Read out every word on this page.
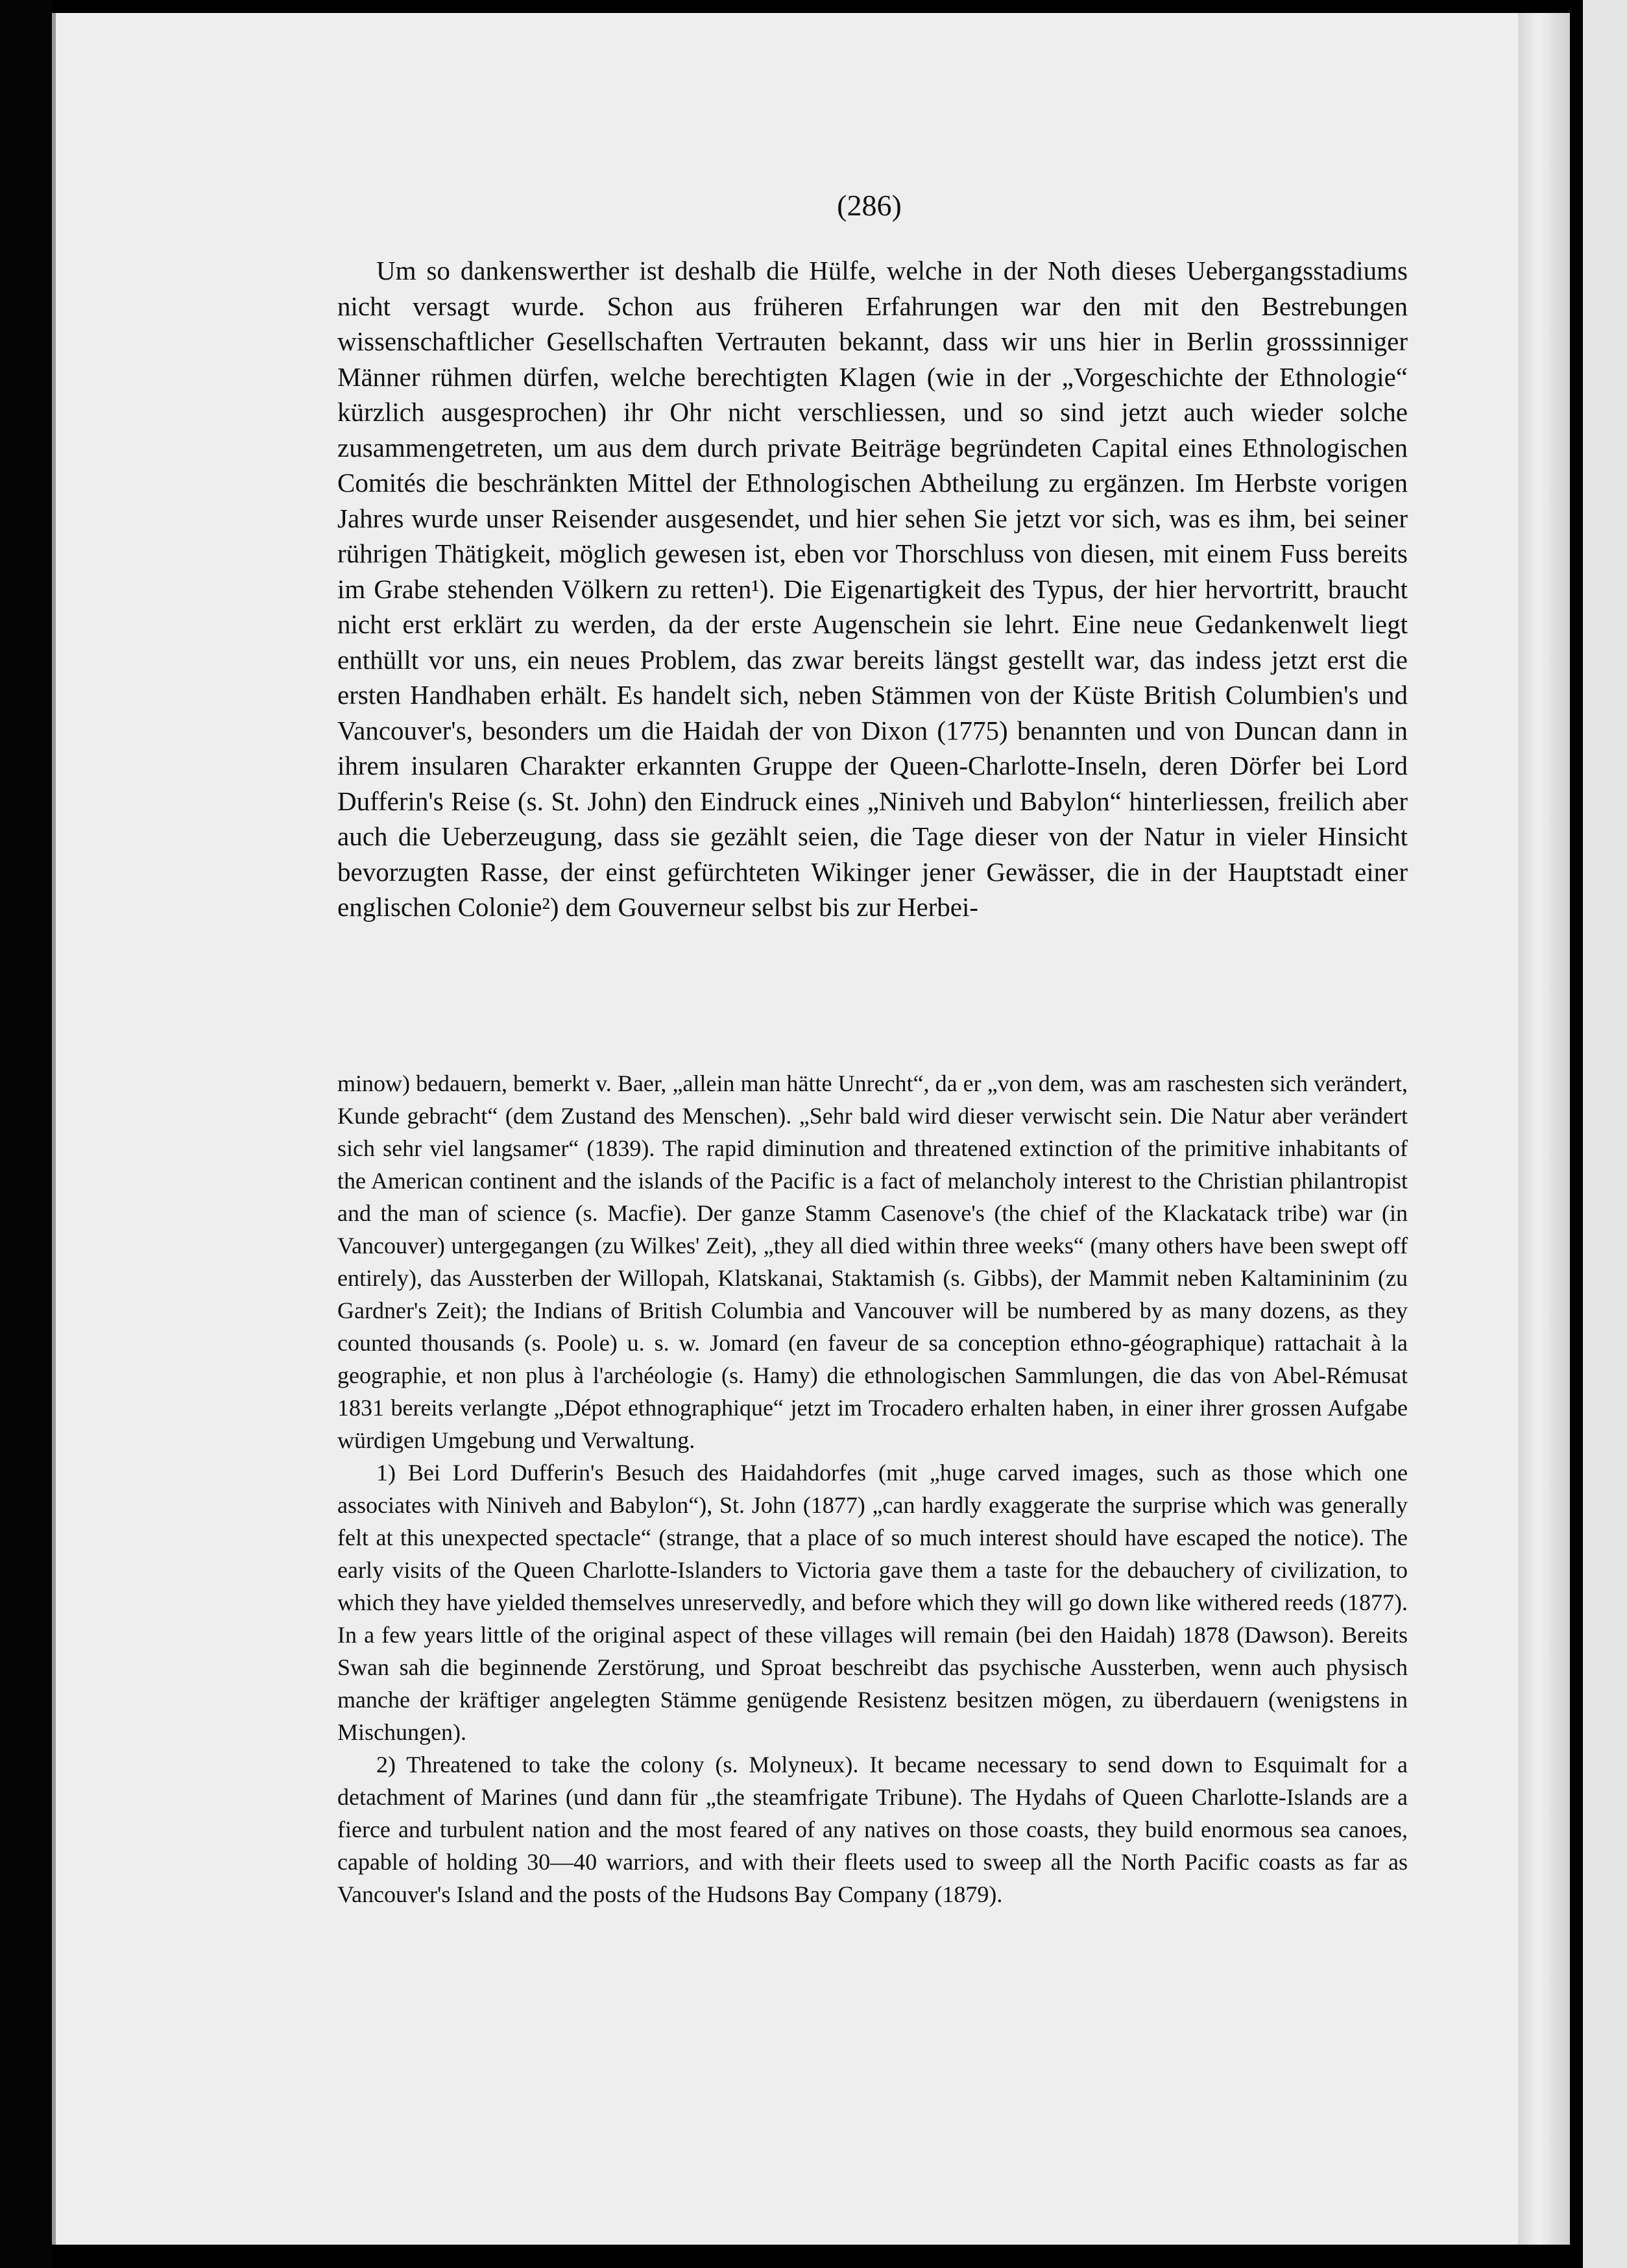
(286)

Um so dankenswerther ist deshalb die Hülfe, welche in der Noth dieses Uebergangsstadiums nicht versagt wurde. Schon aus früheren Erfahrungen war den mit den Bestrebungen wissenschaftlicher Gesellschaften Vertrauten bekannt, dass wir uns hier in Berlin grosssinniger Männer rühmen dürfen, welche berechtigten Klagen (wie in der „Vorgeschichte der Ethnologie“ kürzlich ausgesprochen) ihr Ohr nicht verschliessen, und so sind jetzt auch wieder solche zusammengetreten, um aus dem durch private Beiträge begründeten Capital eines Ethnologischen Comités die beschränkten Mittel der Ethnologischen Abtheilung zu ergänzen. Im Herbste vorigen Jahres wurde unser Reisender ausgesendet, und hier sehen Sie jetzt vor sich, was es ihm, bei seiner rührigen Thätigkeit, möglich gewesen ist, eben vor Thorschluss von diesen, mit einem Fuss bereits im Grabe stehenden Völkern zu retten¹). Die Eigenartigkeit des Typus, der hier hervortritt, braucht nicht erst erklärt zu werden, da der erste Augenschein sie lehrt. Eine neue Gedankenwelt liegt enthüllt vor uns, ein neues Problem, das zwar bereits längst gestellt war, das indess jetzt erst die ersten Handhaben erhält. Es handelt sich, neben Stämmen von der Küste British Columbien's und Vancouver's, besonders um die Haidah der von Dixon (1775) benannten und von Duncan dann in ihrem insularen Charakter erkannten Gruppe der Queen-Charlotte-Inseln, deren Dörfer bei Lord Dufferin's Reise (s. St. John) den Eindruck eines „Niniveh und Babylon“ hinterliessen, freilich aber auch die Ueberzeugung, dass sie gezählt seien, die Tage dieser von der Natur in vieler Hinsicht bevorzugten Rasse, der einst gefürchteten Wikinger jener Gewässer, die in der Hauptstadt einer englischen Colonie²) dem Gouverneur selbst bis zur Herbei-

minow) bedauern, bemerkt v. Baer, „allein man hätte Unrecht“, da er „von dem, was am raschesten sich verändert, Kunde gebracht“ (dem Zustand des Menschen). „Sehr bald wird dieser verwischt sein. Die Natur aber verändert sich sehr viel langsamer“ (1839). The rapid diminution and threatened extinction of the primitive inhabitants of the American continent and the islands of the Pacific is a fact of melancholy interest to the Christian philantropist and the man of science (s. Macfie). Der ganze Stamm Casenove's (the chief of the Klackatack tribe) war (in Vancouver) untergegangen (zu Wilkes' Zeit), „they all died within three weeks“ (many others have been swept off entirely), das Aussterben der Willopah, Klatskanai, Staktamish (s. Gibbs), der Mammit neben Kaltamininim (zu Gardner's Zeit); the Indians of British Columbia and Vancouver will be numbered by as many dozens, as they counted thousands (s. Poole) u. s. w. Jomard (en faveur de sa conception ethno-géographique) rattachait à la geographie, et non plus à l'archéologie (s. Hamy) die ethnologischen Sammlungen, die das von Abel-Rémusat 1831 bereits verlangte „Dépot ethnographique“ jetzt im Trocadero erhalten haben, in einer ihrer grossen Aufgabe würdigen Umgebung und Verwaltung.

1) Bei Lord Dufferin's Besuch des Haidahdorfes (mit „huge carved images, such as those which one associates with Niniveh and Babylon“), St. John (1877) „can hardly exaggerate the surprise which was generally felt at this unexpected spectacle“ (strange, that a place of so much interest should have escaped the notice). The early visits of the Queen Charlotte-Islanders to Victoria gave them a taste for the debauchery of civilization, to which they have yielded themselves unreservedly, and before which they will go down like withered reeds (1877). In a few years little of the original aspect of these villages will remain (bei den Haidah) 1878 (Dawson). Bereits Swan sah die beginnende Zerstörung, und Sproat beschreibt das psychische Aussterben, wenn auch physisch manche der kräftiger angelegten Stämme genügende Resistenz besitzen mögen, zu überdauern (wenigstens in Mischungen).

2) Threatened to take the colony (s. Molyneux). It became necessary to send down to Esquimalt for a detachment of Marines (und dann für „the steamfrigate Tribune). The Hydahs of Queen Charlotte-Islands are a fierce and turbulent nation and the most feared of any natives on those coasts, they build enormous sea canoes, capable of holding 30—40 warriors, and with their fleets used to sweep all the North Pacific coasts as far as Vancouver's Island and the posts of the Hudsons Bay Company (1879).
